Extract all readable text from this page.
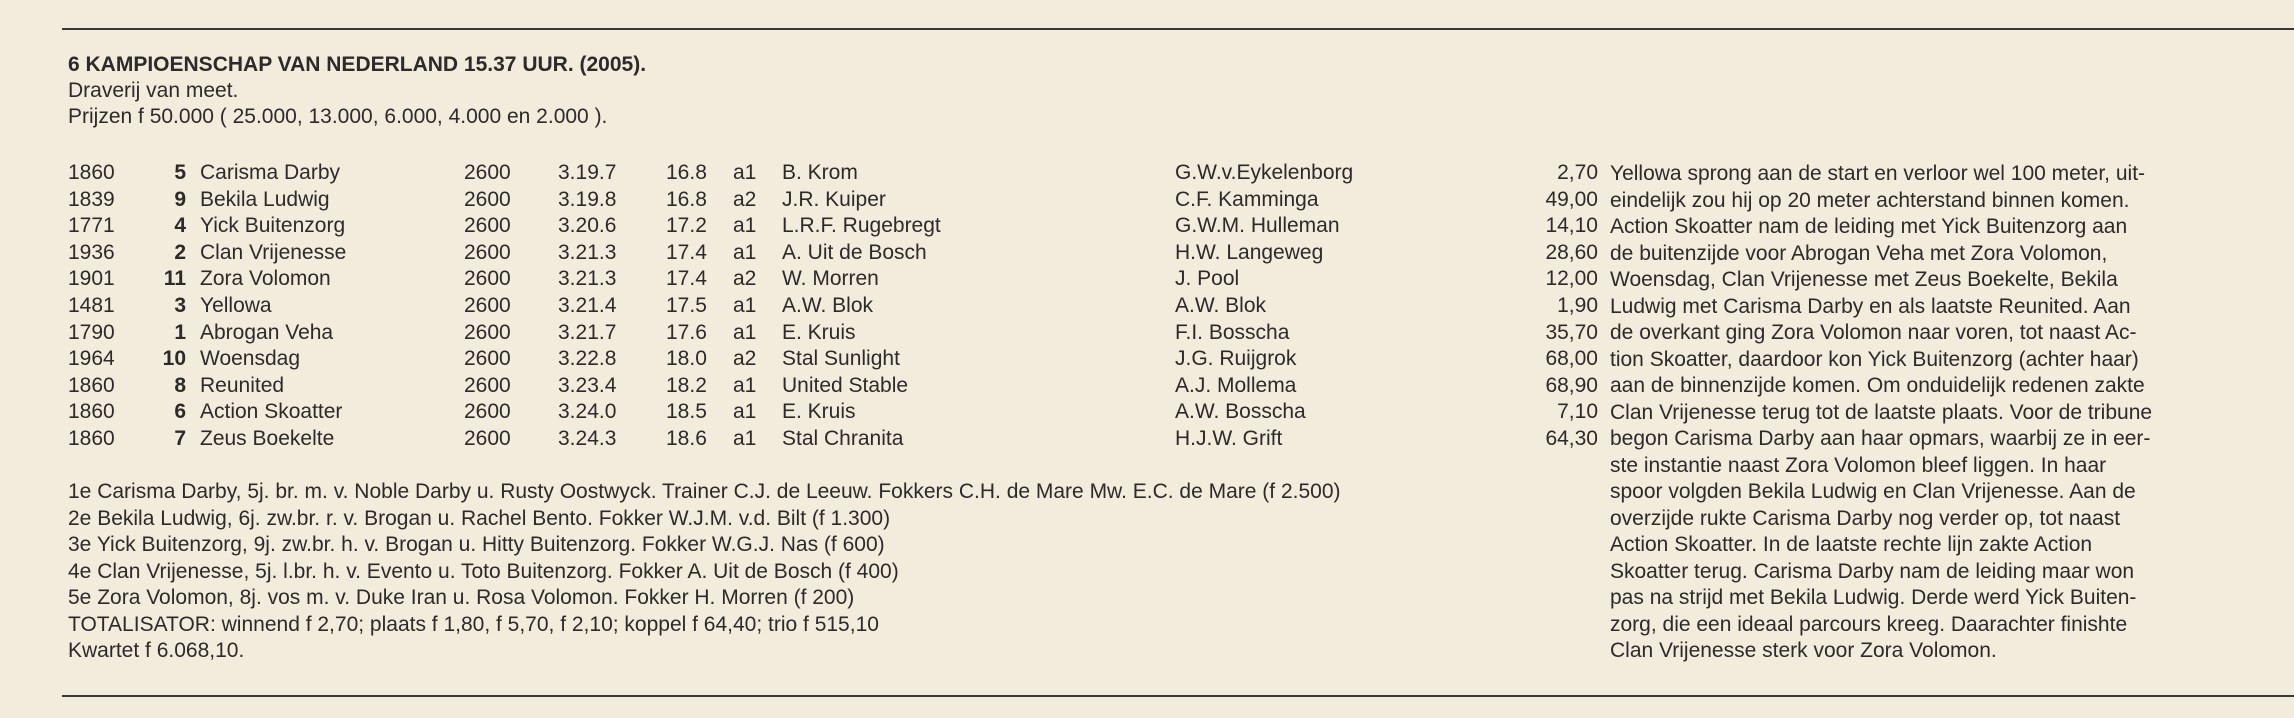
6 KAMPIOENSCHAP VAN NEDERLAND 15.37 UUR. (2005).
Draverij van meet.
Prijzen f 50.000 ( 25.000, 13.000, 6.000, 4.000 en 2.000 ).
1860	5 Carisma Darby	2600 3.19.7 16.8 a1 B. Krom	G.W.v.Eykelenborg	2,70
1839	9 Bekila Ludwig	2600 3.19.8 16.8 a2 J.R. Kuiper	C.F. Kamminga	49,00
1771	4 Yick Buitenzorg	2600 3.20.6 17.2 a1 L.R.F. Rugebregt	G.W.M. Hulleman	14,10
1936	2 Clan Vrijenesse	2600 3.21.3 17.4 a1 A. Uit de Bosch	H.W. Langeweg	28,60
1901	11 Zora Volomon	2600 3.21.3 17.4 a2 W. Morren	J. Pool	12,00
1481	3 Yellowa	2600 3.21.4 17.5 a1 A.W. Blok	A.W. Blok	1,90
1790	1 Abrogan Veha	2600 3.21.7 17.6 a1 E. Kruis	F.I. Bosscha	35,70
1964	10 Woensdag	2600 3.22.8 18.0 a2 Stal Sunlight	J.G. Ruijgrok	68,00
1860	8 Reunited	2600 3.23.4 18.2 a1 United Stable	A.J. Mollema	68,90
1860	6 Action Skoatter	2600 3.24.0 18.5 a1 E. Kruis	A.W. Bosscha	7,10
1860	7 Zeus Boekelte	2600 3.24.3 18.6 a1 Stal Chranita	H.J.W. Grift	64,30
1e Carisma Darby, 5j. br. m. v. Noble Darby u. Rusty Oostwyck. Trainer C.J. de Leeuw. Fokkers C.H. de Mare Mw. E.C. de Mare (f 2.500)
2e Bekila Ludwig, 6j. zw.br. r. v. Brogan u. Rachel Bento. Fokker W.J.M. v.d. Bilt (f 1.300)
3e Yick Buitenzorg, 9j. zw.br. h. v. Brogan u. Hitty Buitenzorg. Fokker W.G.J. Nas (f 600)
4e Clan Vrijenesse, 5j. l.br. h. v. Evento u. Toto Buitenzorg. Fokker A. Uit de Bosch (f 400)
5e Zora Volomon, 8j. vos m. v. Duke Iran u. Rosa Volomon. Fokker H. Morren (f 200)
TOTALISATOR: winnend f 2,70; plaats f 1,80, f 5,70, f 2,10; koppel f 64,40; trio f 515,10
Kwartet f 6.068,10.
Yellowa sprong aan de start en verloor wel 100 meter, uit-
eindelijk zou hij op 20 meter achterstand binnen komen.
Action Skoatter nam de leiding met Yick Buitenzorg aan
de buitenzijde voor Abrogan Veha met Zora Volomon,
Woensdag, Clan Vrijenesse met Zeus Boekelte, Bekila
Ludwig met Carisma Darby en als laatste Reunited. Aan
de overkant ging Zora Volomon naar voren, tot naast Ac-
tion Skoatter, daardoor kon Yick Buitenzorg (achter haar)
aan de binnenzijde komen. Om onduidelijk redenen zakte
Clan Vrijenesse terug tot de laatste plaats. Voor de tribune
begon Carisma Darby aan haar opmars, waarbij ze in eer-
ste instantie naast Zora Volomon bleef liggen. In haar
spoor volgden Bekila Ludwig en Clan Vrijenesse. Aan de
overzijde rukte Carisma Darby nog verder op, tot naast
Action Skoatter. In de laatste rechte lijn zakte Action
Skoatter terug. Carisma Darby nam de leiding maar won
pas na strijd met Bekila Ludwig. Derde werd Yick Buiten-
zorg, die een ideaal parcours kreeg. Daarachter finishte
Clan Vrijenesse sterk voor Zora Volomon.
